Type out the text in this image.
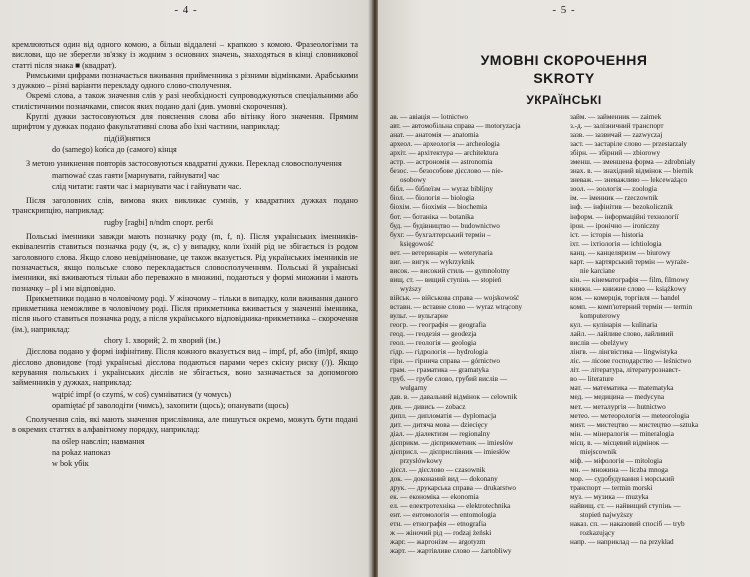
- 4 -

кремлюються один від одного комою, а більш віддалені – крапкою з комою. Фразеологізми та вислови, що не зберегли зв'язку із жодним з основних значень, знаходяться в кінці словникової статті після знака ■ (квадрат).

Римськими цифрами позначається вживання прийменника з різними відмінками. Арабськими з дужкою – різні варіанти перекладу одного слово-сполучення.

Окремі слова, а також значення слів у разі необхідності супроводжуються спеціальними або стилістичними позначками, список яких подано далі (див. умовні скорочення).

Круглі дужки застосовуються для пояснення слова або вітінку його значення. Прямим шрифтом у дужках подано факультативні слова або їхні частини, наприклад:

під(ій)нятися

do (samego) kоńca до (самого) кінця

З метою уникнення повторів застосовуються квадратні дужки. Переклад словосполучення

marnować czas гаяти [марнувати, гайнувати] час

слід читати: гаяти час і марнувати час і гайнувати час.

Після заголовних слів, вимова яких викликає сумнів, у квадратних дужках подано транскрипцію, наприклад:

rugby [ragbi] n/ndm спорт. регбі

Польські іменники завжди мають позначку роду (m, f, n). Після українських іменників-еквівалентів ставиться позначка роду (ч, ж, с) у випадку, коли їхній рід не збігається із родом заголовного слова. Якщо слово невідмінюване, це також вказується. Рід українських іменників не позначається, якщо польське слово перекладається словосполученням. Польські й українські іменники, які вживаються тільки або переважно в множині, подаються у формі множини і мають позначку – pl і мн відповідно.

Прикметники подано в чоловічому роді. У жіночому – тільки в випадку, коли вживання даного прикметника неможливе в чоловічому роді. Після прикметника вживається у значенні іменника, після нього ставиться позначка роду, а після українського відповідника-прикметника – скорочення (ім.), наприклад:

chory 1. хворий; 2. m хворий (ім.)

Дієслова подано у формі інфінітиву. Після кожного вказується вид – impf, pf, або (im)pf, якщо дієслово двовидове (тоді українські дієслова подаються парами через скісну риску (/)). Якщо керування польських і українських дієслів не збігається, воно зазначається за допомогою займенників у дужках, наприклад:

wątpić impf (o czymś, w coś) сумніватися (у чомусь)

opamiętać pf заволодіти (чимсь), захопити (щось); опанувати (щось)

Сполучення слів, які мають значення прислівника, але пишуться окремо, можуть бути подані в окремих статтях в алфавітному порядку, наприклад:

na ośleр навсліп; навмання

na pokaz напоказ

w bok убік

- 5 -
УМОВНІ СКОРОЧЕННЯ
SKROTY
УКРАЇНСЬКІ
ав. — авіація — lotnictwo
авт. — автомобільна справа — motoryzacja
анат. — анатомія — anatomia
археол. — археологія — archeologia
архіт. — архітектура — architektura
астр. — астрономія — astronomia
безос. — безособове дієслово — nie-
osobowy
бібл. — біблеїзм — wyraz biblijny
біол. — біологія — biologia
біохім. — біохімія — biochemia
бот. — ботаніка — botanika
буд. — будівництво — budownictwo
бухг. — бухгалтерський термін –
księgowość
вет. — ветеринарія — weterynaria
виг. — вигук — wykrzyknik
висок. — високий стиль — gymnolotny
вищ. ст. — вищий ступінь — stopień
wyższy
військ. — військова справа — wojskowość
вставн. — вставне слово — wyraz wtrącony
вульг. — вульгарне
геогр. — географія — geografia
геод. — геодезія — geodezja
геол. — геологія — geologia
гідр. — гідрологія — hydrologia
гірн. — гірнича справа — górnictwo
грам. — граматика — gramatyka
груб. — грубе слово, грубий вислів —
wulgarny
дав. в. — давальний відмінок — celownik
див. — дивись — zobacz
дипл. — дипломатія — dyplomacja
дит. — дитяча мова — dziecięcy
діал. — діалектизм — regionalny
дієприкм. — дієприкметник — imiesłów
дієприсл. — дієприслівник — imiesłów
przysłówkowy
дієсл. — дієслово — czasownik
док. — доконаний вид — dokonany
друк. — друкарська справа — drukarstwo
ек. — економіка — ekonomia
ел. — електротехніка — elektrotechnika
ент. — ентомологія — entomologia
етн. — етнографія — etnografia
ж — жіночий рід — rodzaj żeński
жарг. — жаргонізм — argotyzm
жарт. — жартівливе слово — żartobliwy
займ. — займенник — zaimek
з.-д. — залізничний транспорт
зазв. — зазвичай — zazwyczaj
заст. — застаріле слово — przestarzały
збірн. — збірний — zbiorowy
зменш. — зменшена форма — zdrobniały
знах. в. — знахідний відмінок — biernik
зневаж. — зневажливо — lekceważąco
зоол. — зоологія — zoologia
ім. — іменник — rzeczownik
інф. — інфінітив — bezokolicznik
інформ. — інформаційні технології
ірон. — іронічно — ironicznу
іст. — історія — historia
іхт. — іхтіологія — ichtiologia
канц. — канцеляризм — biurowy
карт. — картярський термін — wyraże-
nie karciane
кін. — кінематографія — film, filmowy
книжн. — книжне слово — książkowy
ком. — комерція, торгівля — handel
комп. — комп'ютерний термін — termin
komputerowy
кул. — кулінарія — kulinaria
лайл. — лайливе слово, лайливий
вислів — obelżywy
лінгв. — лінгвістика — lingwistyka
ліс. — лісове господарство — leśnictwo
літ. — література, літературознавст-
во — literature
мат. — математика — matematyka
мед. — медицина — medycyna
мет. — металургія — hutnictwo
метео. — метеорологія — meteorologia
миsт. — мистецтво — мистецтво —sztuka
мін. — мінералогія — mineralogia
місц. в. — місцевий відмінок —
miejscownik
міф. — міфологія — mitologia
мн. — множина — liczba mnoga
мор. — судобудування і морський
транспорт — termin morski
муз. — музика — muzyka
найвищ. ст. — найвищий ступінь —
stopień najwyższy
наказ. сп. — наказовий спосіб — tryb
rozkazujący
напр. — наприклад — na przykład
